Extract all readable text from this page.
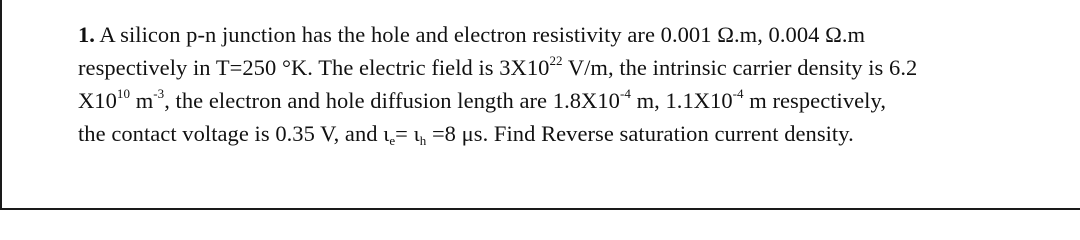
1. A silicon p-n junction has the hole and electron resistivity are 0.001 Ω.m, 0.004 Ω.m
respectively in T=250 °K. The electric field is $3X10^{22}$ V/m, the intrinsic carrier density is 6.2
$X10^{10}$ $m^{-3}$, the electron and hole diffusion length are $1.8X10^{-4}$ m, $1.1X10^{-4}$ m respectively,
the contact voltage is 0.35 V, and $\iota_e= \iota_h =8$ μs. Find Reverse saturation current density.
